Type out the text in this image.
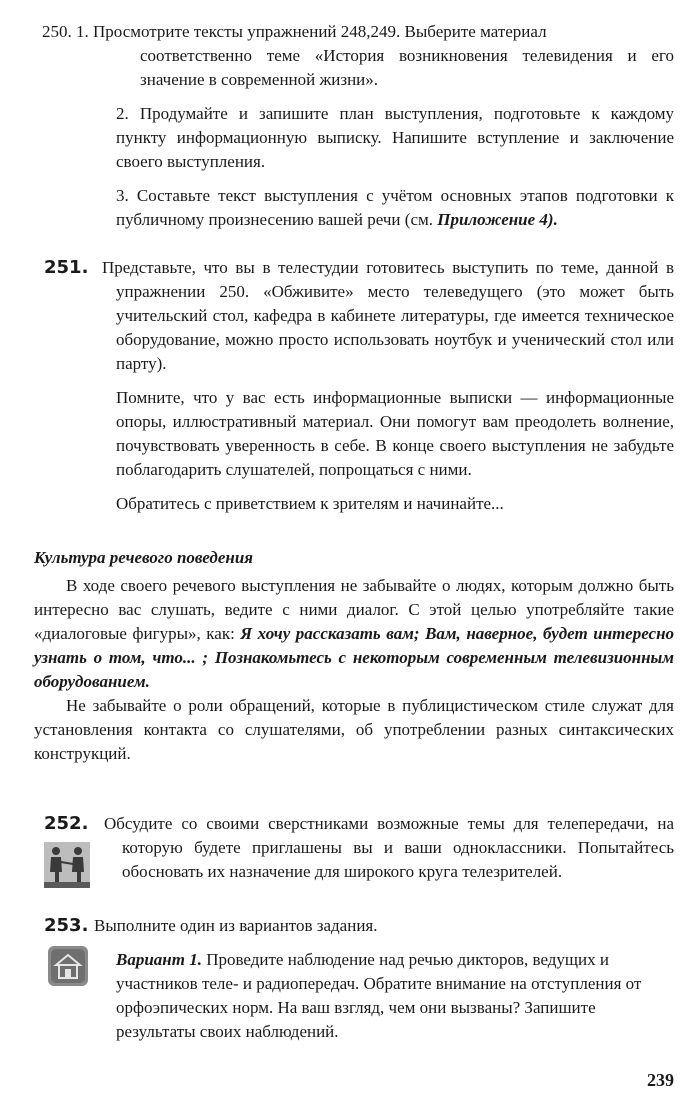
250. 1. Просмотрите тексты упражнений 248,249. Выберите материал

соответственно теме «История возникновения телевидения и его значение в современной жизни».

2. Продумайте и запишите план выступления, подготовьте к каждому пункту информационную выписку. Напишите вступление и заключение своего выступления.

3. Составьте текст выступления с учётом основных этапов подготовки к публичному произнесению вашей речи (см. Приложение 4).

251. Представьте, что вы в телестудии готовитесь выступить по теме, данной в упражнении 250. «Обживите» место телеведущего (это может быть учительский стол, кафедра в кабинете литературы, где имеется техническое оборудование, можно просто использовать ноутбук и ученический стол или парту).

Помните, что у вас есть информационные выписки — информационные опоры, иллюстративный материал. Они помогут вам преодолеть волнение, почувствовать уверенность в себе. В конце своего выступления не забудьте поблагодарить слушателей, попрощаться с ними.

Обратитесь с приветствием к зрителям и начинайте...

Культура речевого поведения

В ходе своего речевого выступления не забывайте о людях, которым должно быть интересно вас слушать, ведите с ними диалог. С этой целью употребляйте такие «диалоговые фигуры», как: Я хочу рассказать вам; Вам, наверное, будет интересно узнать о том, что... ; Познакомьтесь с некоторым современным телевизионным оборудованием.

Не забывайте о роли обращений, которые в публицистическом стиле служат для установления контакта со слушателями, об употреблении разных синтаксических конструкций.

252. Обсудите со своими сверстниками возможные темы для телепередачи, на которую будете приглашены вы и ваши одноклассники. Попытайтесь обосновать их назначение для широкого круга телезрителей.

253. Выполните один из вариантов задания.

Вариант 1. Проведите наблюдение над речью дикторов, ведущих и участников теле- и радиопередач. Обратите внимание на отступления от орфоэпических норм. На ваш взгляд, чем они вызваны? Запишите результаты своих наблюдений.

239
